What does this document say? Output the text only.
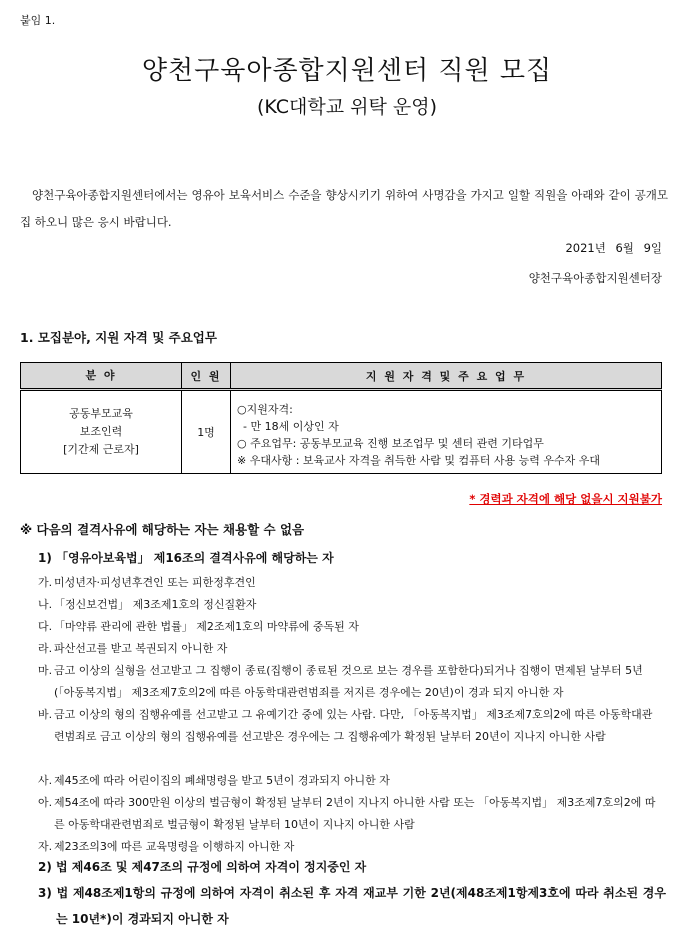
붙임 1.
양천구육아종합지원센터 직원 모집
(KC대학교 위탁 운영)
양천구육아종합지원센터에서는 영유아 보육서비스 수준을 향상시키기 위하여 사명감을 가지고 일할 직원을 아래와 같이 공개모집 하오니 많은 응시 바랍니다.
2021년 6월 9일
양천구육아종합지원센터장
1. 모집분야, 지원 자격 및 주요업무
분 야	인 원	지 원 자 격 및 주 요 업 무

공동부모교육
보조인력
[기간제 근로자]	1명	○지원자격:
- 만 18세 이상인 자
○ 주요업무: 공동부모교육 진행 보조업무 및 센터 관련 기타업무
※ 우대사항 : 보육교사 자격을 취득한 사람 및 컴퓨터 사용 능력 우수자 우대
* 경력과 자격에 해당 없을시 지원불가
※ 다음의 결격사유에 해당하는 자는 채용할 수 없음
1) 「영유아보육법」 제16조의 결격사유에 해당하는 자
가. 미성년자·피성년후견인 또는 피한정후견인
나. 「정신보건법」 제3조제1호의 정신질환자
다. 「마약류 관리에 관한 법률」 제2조제1호의 마약류에 중독된 자
라. 파산선고를 받고 복권되지 아니한 자
마. 금고 이상의 실형을 선고받고 그 집행이 종료(집행이 종료된 것으로 보는 경우를 포함한다)되거나 집행이 면제된 날부터 5년(「아동복지법」 제3조제7호의2에 따른 아동학대관련범죄를 저지른 경우에는 20년)이 경과 되지 아니한 자
바. 금고 이상의 형의 집행유예를 선고받고 그 유예기간 중에 있는 사람. 다만, 「아동복지법」 제3조제7호의2에 따른 아동학대관련범죄로 금고 이상의 형의 집행유예를 선고받은 경우에는 그 집행유예가 확정된 날부터 20년이 지나지 아니한 사람
사. 제45조에 따라 어린이집의 폐쇄명령을 받고 5년이 경과되지 아니한 자
아. 제54조에 따라 300만원 이상의 벌금형이 확정된 날부터 2년이 지나지 아니한 사람 또는 「아동복지법」 제3조제7호의2에 따른 아동학대관련범죄로 벌금형이 확정된 날부터 10년이 지나지 아니한 사람
자. 제23조의3에 따른 교육명령을 이행하지 아니한 자
2) 법 제46조 및 제47조의 규정에 의하여 자격이 정지중인 자
3) 법 제48조제1항의 규정에 의하여 자격이 취소된 후 자격 재교부 기한 2년(제48조제1항제3호에 따라 취소된 경우는 10년*)이 경과되지 아니한 자
